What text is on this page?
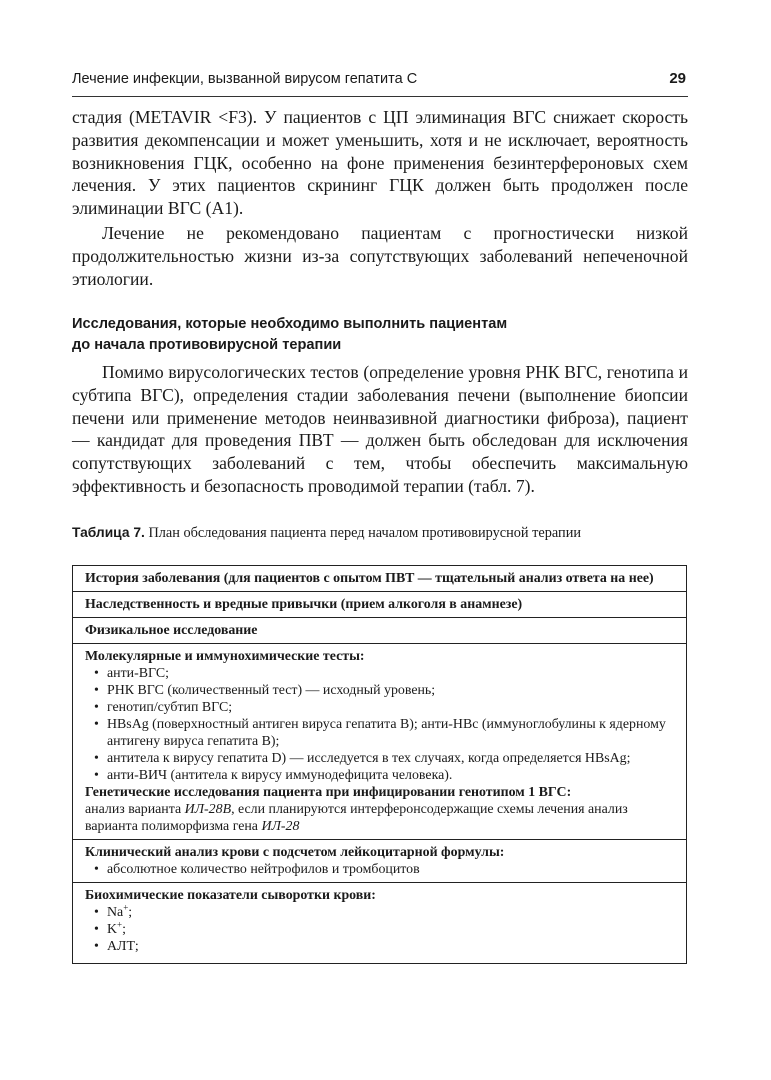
Лечение инфекции, вызванной вирусом гепатита С	29

стадия (METAVIR <F3). У пациентов с ЦП элиминация ВГС снижает скорость развития декомпенсации и может уменьшить, хотя и не исключает, вероятность возникновения ГЦК, особенно на фоне применения безинтерфероновых схем лечения. У этих пациентов скрининг ГЦК должен быть продолжен после элиминации ВГС (A1).

Лечение не рекомендовано пациентам с прогностически низкой продолжительностью жизни из-за сопутствующих заболеваний непеченочной этиологии.

Исследования, которые необходимо выполнить пациентам
до начала противовирусной терапии

Помимо вирусологических тестов (определение уровня РНК ВГС, генотипа и субтипа ВГС), определения стадии заболевания печени (выполнение биопсии печени или применение методов неинвазивной диагностики фиброза), пациент — кандидат для проведения ПВТ — должен быть обследован для исключения сопутствующих заболеваний с тем, чтобы обеспечить максимальную эффективность и безопасность проводимой терапии (табл. 7).

Таблица 7. План обследования пациента перед началом противовирусной терапии

История заболевания (для пациентов с опытом ПВТ — тщательный анализ ответа на нее)
Наследственность и вредные привычки (прием алкоголя в анамнезе)
Физикальное исследование

Молекулярные и иммунохимические тесты:
• анти-ВГС;
• РНК ВГС (количественный тест) — исходный уровень;
• генотип/субтип ВГС;
• HBsAg (поверхностный антиген вируса гепатита B); анти-HBc (иммуноглобулины к ядерному антигену вируса гепатита B);
• антитела к вирусу гепатита D) — исследуется в тех случаях, когда определяется HBsAg;
• анти-ВИЧ (антитела к вирусу иммунодефицита человека).
Генетические исследования пациента при инфицировании генотипом 1 ВГС:

анализ варианта ИЛ-28B, если планируются интерферонсодержащие схемы лечения анализ варианта полиморфизма гена ИЛ-28

Клинический анализ крови с подсчетом лейкоцитарной формулы:
• абсолютное количество нейтрофилов и тромбоцитов

Биохимические показатели сыворотки крови:
• Na+;
• K+;
• АЛТ;
